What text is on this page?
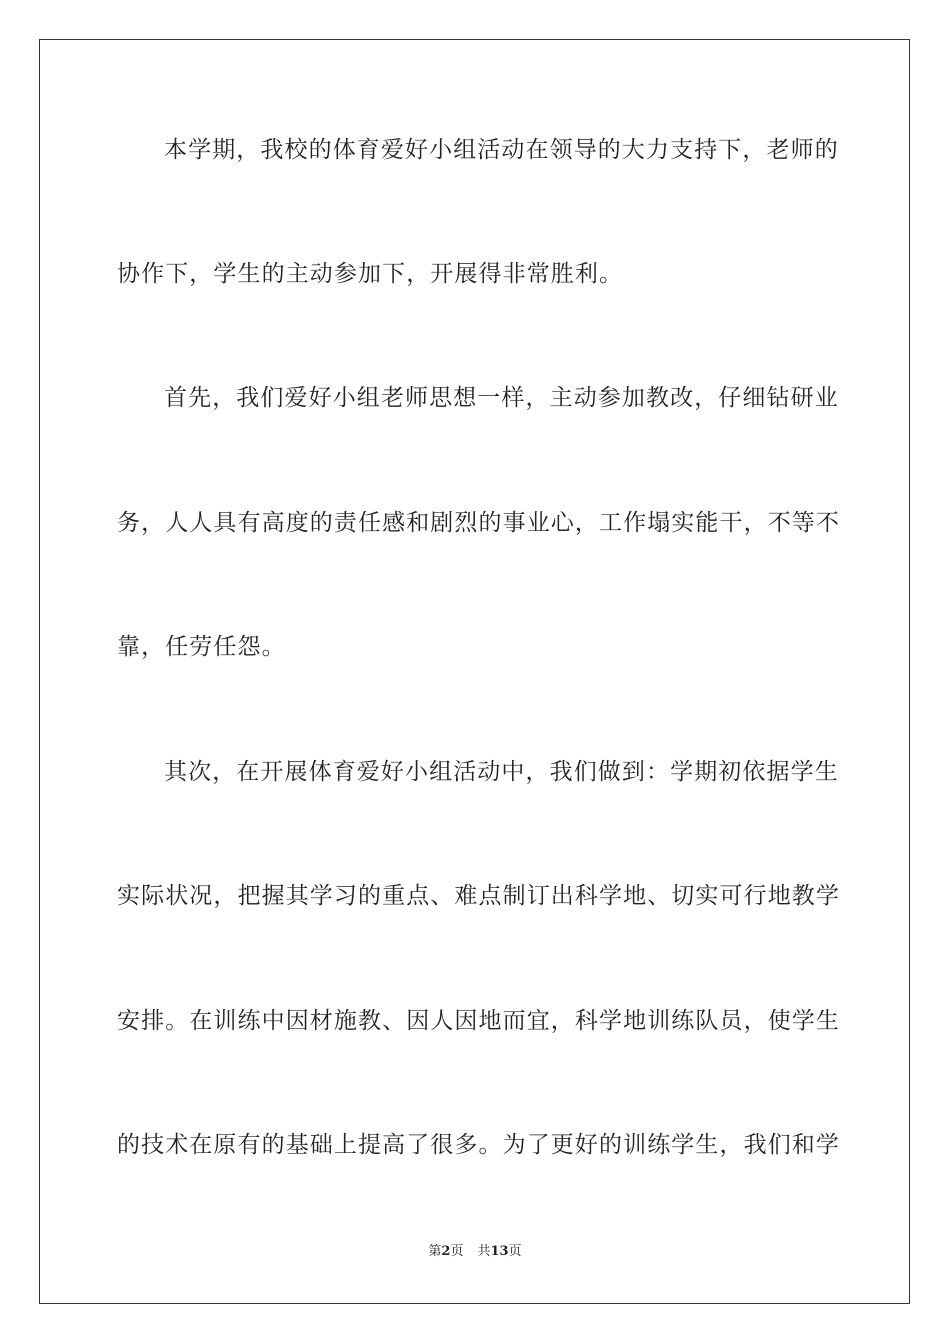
本学期，我校的体育爱好小组活动在领导的大力支持下，老师的
协作下，学生的主动参加下，开展得非常胜利。
首先，我们爱好小组老师思想一样，主动参加教改，仔细钻研业
务，人人具有高度的责任感和剧烈的事业心，工作塌实能干，不等不
靠，任劳任怨。
其次，在开展体育爱好小组活动中，我们做到：学期初依据学生
实际状况，把握其学习的重点、难点制订出科学地、切实可行地教学
安排。在训练中因材施教、因人因地而宜，科学地训练队员，使学生
的技术在原有的基础上提高了很多。为了更好的训练学生，我们和学
第2页 共13页
